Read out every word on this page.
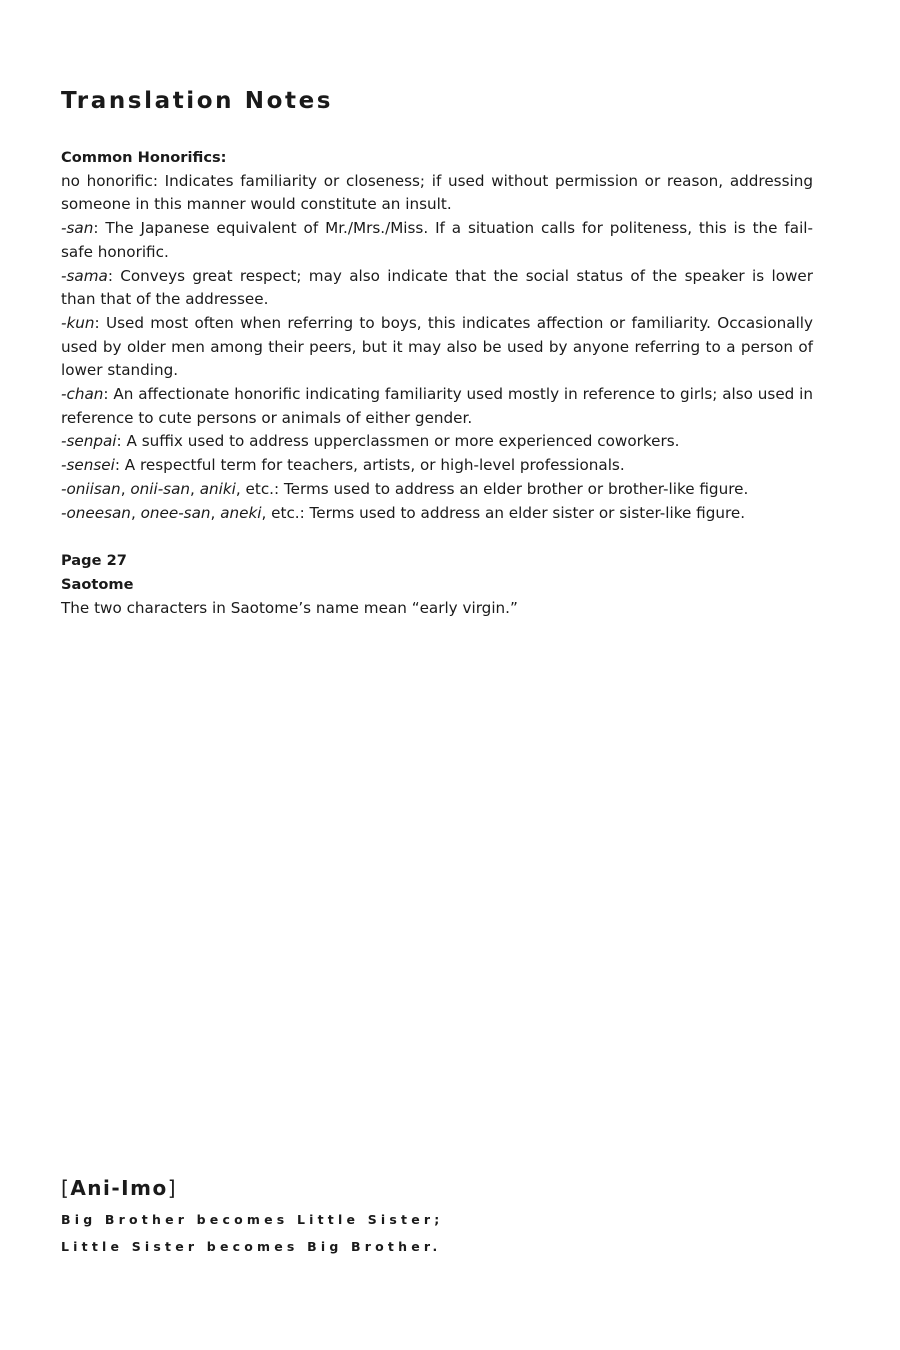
Translation Notes

Common Honorifics:

no honorific: Indicates familiarity or closeness; if used without permission or reason, addressing someone in this manner would constitute an insult.

-san: The Japanese equivalent of Mr./Mrs./Miss. If a situation calls for politeness, this is the fail-safe honorific.

-sama: Conveys great respect; may also indicate that the social status of the speaker is lower than that of the addressee.

-kun: Used most often when referring to boys, this indicates affection or familiarity. Occasionally used by older men among their peers, but it may also be used by anyone referring to a person of lower standing.

-chan: An affectionate honorific indicating familiarity used mostly in reference to girls; also used in reference to cute persons or animals of either gender.

-senpai: A suffix used to address upperclassmen or more experienced coworkers.

-sensei: A respectful term for teachers, artists, or high-level professionals.

-oniisan, onii-san, aniki, etc.: Terms used to address an elder brother or brother-like figure.

-oneesan, onee-san, aneki, etc.: Terms used to address an elder sister or sister-like figure.

Page 27

Saotome

The two characters in Saotome’s name mean “early virgin.”

[Ani-Imo]

Big Brother becomes Little Sister;

Little Sister becomes Big Brother.
